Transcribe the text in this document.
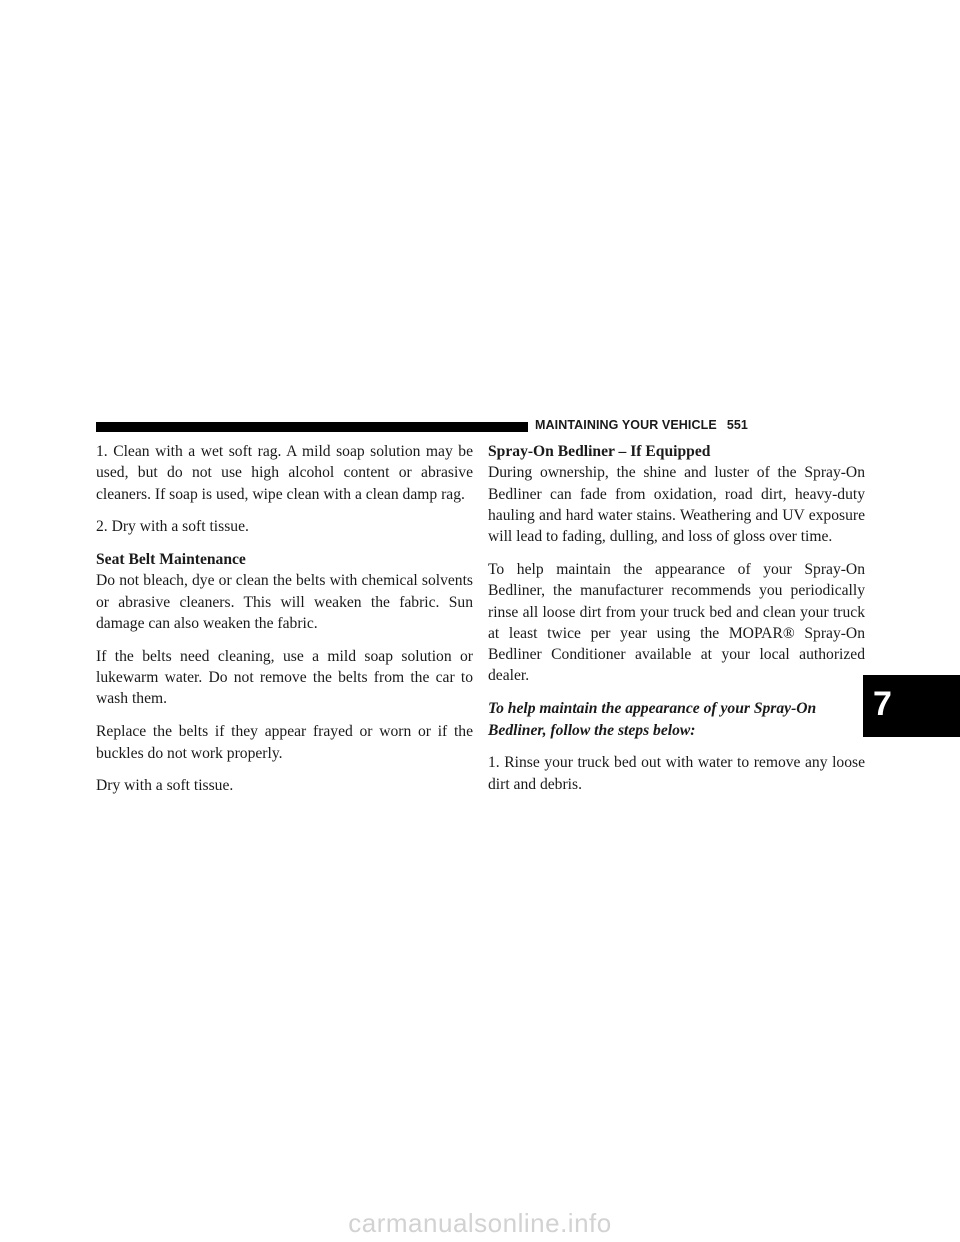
MAINTAINING YOUR VEHICLE 551

1. Clean with a wet soft rag. A mild soap solution may be used, but do not use high alcohol content or abrasive cleaners. If soap is used, wipe clean with a clean damp rag.

2. Dry with a soft tissue.

Seat Belt Maintenance

Do not bleach, dye or clean the belts with chemical solvents or abrasive cleaners. This will weaken the fabric. Sun damage can also weaken the fabric.

If the belts need cleaning, use a mild soap solution or lukewarm water. Do not remove the belts from the car to wash them.

Replace the belts if they appear frayed or worn or if the buckles do not work properly.

Dry with a soft tissue.

Spray-On Bedliner – If Equipped

During ownership, the shine and luster of the Spray-On Bedliner can fade from oxidation, road dirt, heavy-duty hauling and hard water stains. Weathering and UV exposure will lead to fading, dulling, and loss of gloss over time.

To help maintain the appearance of your Spray-On Bedliner, the manufacturer recommends you periodically rinse all loose dirt from your truck bed and clean your truck at least twice per year using the MOPAR® Spray-On Bedliner Conditioner available at your local authorized dealer.

To help maintain the appearance of your Spray-On Bedliner, follow the steps below:

1. Rinse your truck bed out with water to remove any loose dirt and debris.

7
carmanualsonline.info
